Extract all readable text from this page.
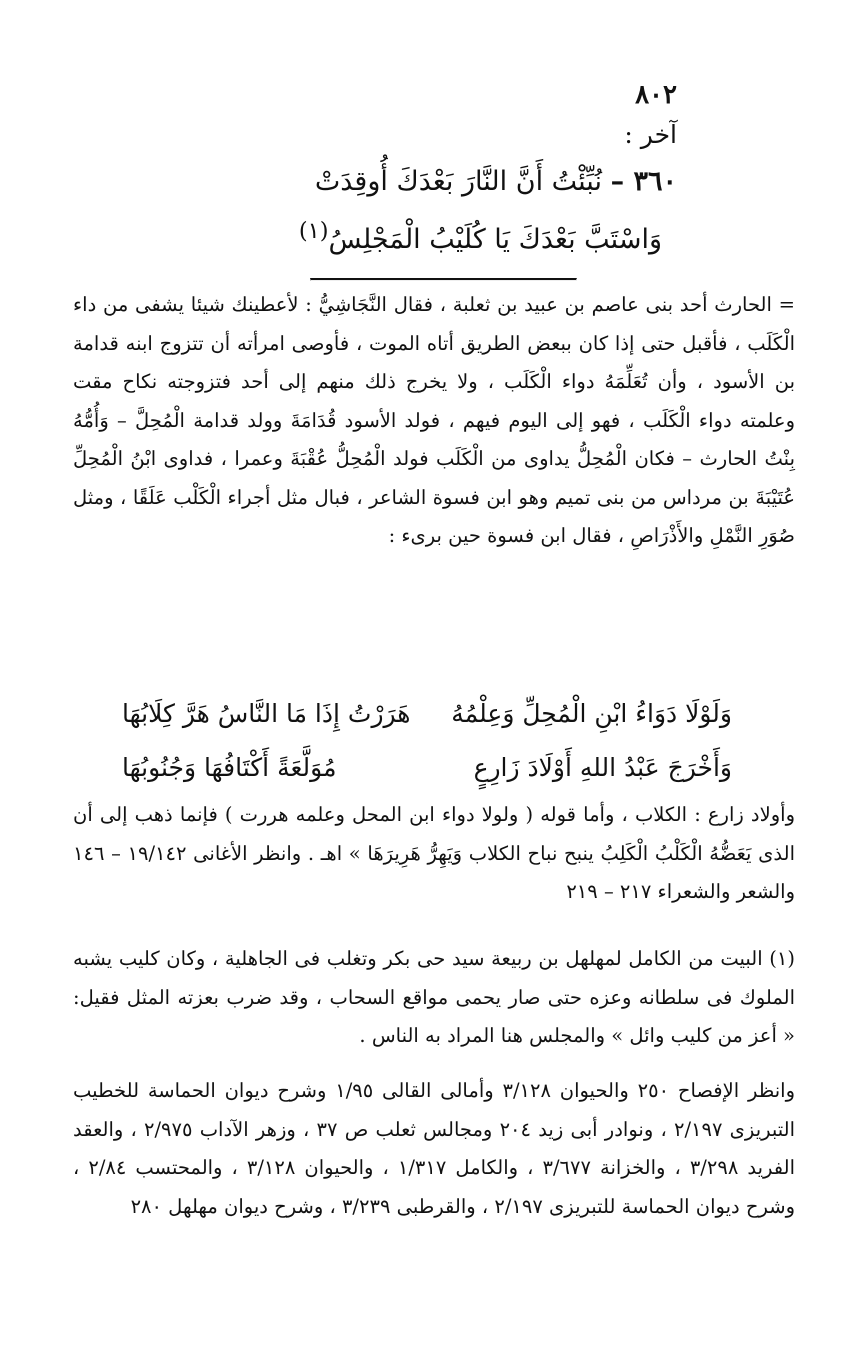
٨٠٢

آخر :

٣٦٠ – نُبِّئْتُ أَنَّ النَّارَ بَعْدَكَ أُوقِدَتْ

وَاسْتَبَّ بَعْدَكَ يَا كُلَيْبُ الْمَجْلِسُ$^{(١)}$

= الحارث أحد بنى عاصم بن عبيد بن ثعلبة ، فقال النَّجَاشِيُّ : لأعطينك شيئا يشفى من داء الْكَلَب ، فأقبل حتى إذا كان ببعض الطريق أتاه الموت ، فأوصى امرأته أن تتزوج ابنه قدامة بن الأسود ، وأن تُعَلِّمَهُ دواء الْكَلَب ، ولا يخرج ذلك منهم إلى أحد فتزوجته نكاح مقت وعلمته دواء الْكَلَب ، فهو إلى اليوم فيهم ، فولد الأسود قُدَامَةَ وولد قدامة الْمُحِلَّ – وَأُمُّهُ بِنْتُ الحارث – فكان الْمُحِلُّ يداوى من الْكَلَب فولد الْمُحِلُّ عُقْبَةَ وعمرا ، فداوى ابْنُ الْمُحِلِّ عُتَيْبَةَ بن مرداس من بنى تميم وهو ابن فسوة الشاعر ، فبال مثل أجراء الْكَلْب عَلَقًا ، ومثل صُوَرِ النَّمْلِ والأَذْرَاصِ ، فقال ابن فسوة حين برىء :

وَلَوْلَا دَوَاءُ ابْنِ الْمُحِلِّ وَعِلْمُهُ
هَرَرْتُ إِذَا مَا النَّاسُ هَرَّ كِلَابُهَا
وَأَخْرَجَ عَبْدُ اللهِ أَوْلَادَ زَارِعٍ
مُوَلَّعَةً أَكْتَافُهَا وَجُنُوبُهَا

وأولاد زارع : الكلاب ، وأما قوله ( ولولا دواء ابن المحل وعلمه هررت ) فإنما ذهب إلى أن الذى يَعَضُّهُ الْكَلْبُ الْكَلِبُ ينبح نباح الكلاب وَيَهِرُّ هَرِيرَهَا » اهـ . وانظر الأغانى ١٩/١٤٢ – ١٤٦ والشعر والشعراء ٢١٧ – ٢١٩

(١) البيت من الكامل لمهلهل بن ربيعة سيد حى بكر وتغلب فى الجاهلية ، وكان كليب يشبه الملوك فى سلطانه وعزه حتى صار يحمى مواقع السحاب ، وقد ضرب بعزته المثل فقيل: « أعز من كليب وائل » والمجلس هنا المراد به الناس .

وانظر الإفصاح ٢٥٠ والحيوان ٣/١٢٨ وأمالى القالى ١/٩٥ وشرح ديوان الحماسة للخطيب التبريزى ٢/١٩٧ ، ونوادر أبى زيد ٢٠٤ ومجالس ثعلب ص ٣٧ ، وزهر الآداب ٢/٩٧٥ ، والعقد الفريد ٣/٢٩٨ ، والخزانة ٣/٦٧٧ ، والكامل ١/٣١٧ ، والحيوان ٣/١٢٨ ، والمحتسب ٢/٨٤ ، وشرح ديوان الحماسة للتبريزى ٢/١٩٧ ، والقرطبى ٣/٢٣٩ ، وشرح ديوان مهلهل ٢٨٠
